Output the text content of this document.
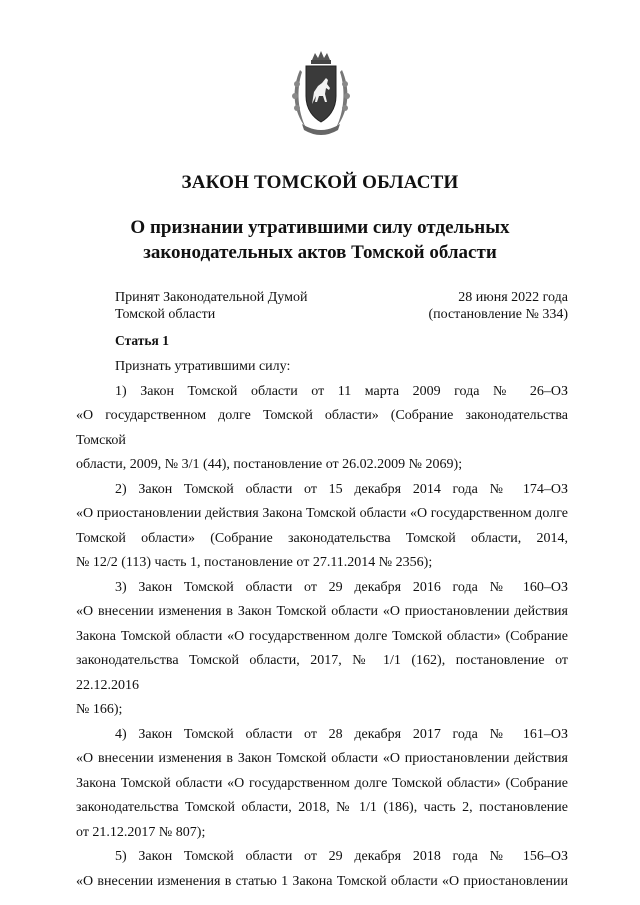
ЗАКОН ТОМСКОЙ ОБЛАСТИ
О признании утратившими силу отдельных
законодательных актов Томской области
Принят Законодательной Думой
Томской области
28 июня 2022 года
(постановление № 334)
Статья 1
Признать утратившими силу:
1) Закон Томской области от 11 марта 2009 года № 26–ОЗ
«О государственном долге Томской области» (Собрание законодательства Томской
области, 2009, № 3/1 (44), постановление от 26.02.2009 № 2069);
2) Закон Томской области от 15 декабря 2014 года № 174–ОЗ
«О приостановлении действия Закона Томской области «О государственном долге
Томской области» (Собрание законодательства Томской области, 2014,
№ 12/2 (113) часть 1, постановление от 27.11.2014 № 2356);
3) Закон Томской области от 29 декабря 2016 года № 160–ОЗ
«О внесении изменения в Закон Томской области «О приостановлении действия
Закона Томской области «О государственном долге Томской области» (Собрание
законодательства Томской области, 2017, № 1/1 (162), постановление от 22.12.2016
№ 166);
4) Закон Томской области от 28 декабря 2017 года № 161–ОЗ
«О внесении изменения в Закон Томской области «О приостановлении действия
Закона Томской области «О государственном долге Томской области» (Собрание
законодательства Томской области, 2018, № 1/1 (186), часть 2, постановление
от 21.12.2017 № 807);
5) Закон Томской области от 29 декабря 2018 года № 156–ОЗ
«О внесении изменения в статью 1 Закона Томской области «О приостановлении
